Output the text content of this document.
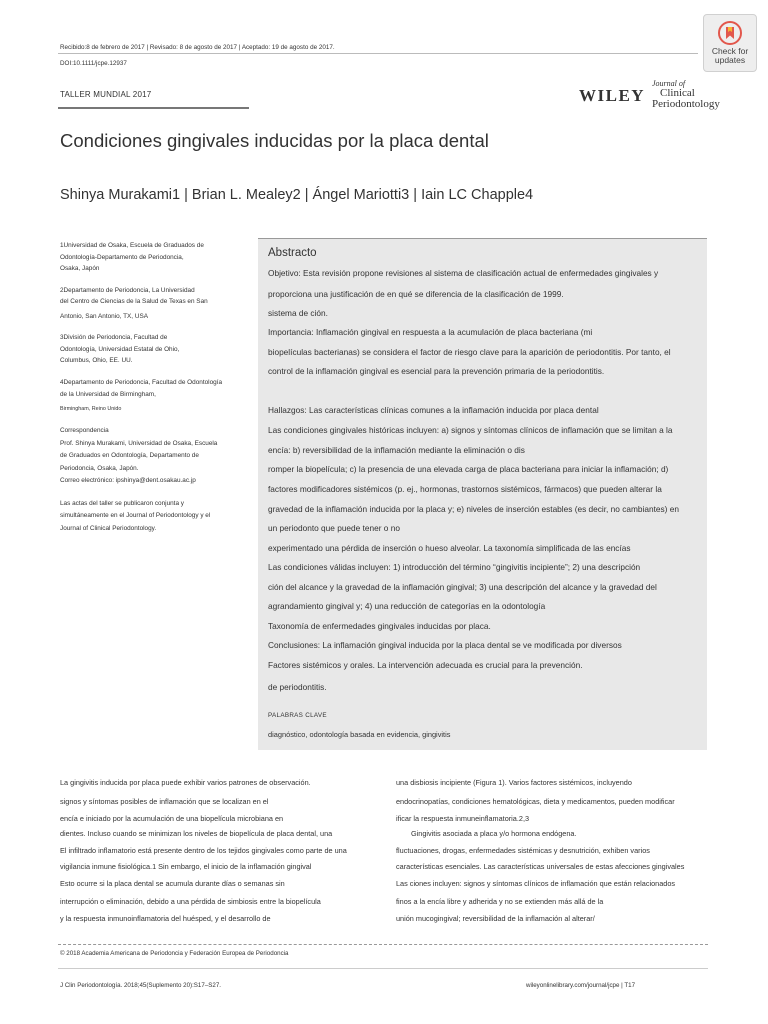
Recibido:8 de febrero de 2017 | Revisado: 8 de agosto de 2017 | Aceptado: 19 de agosto de 2017.
DOI:10.1111/jcpe.12937
TALLER MUNDIAL 2017	WILEY
Journal of
Clinical
Periodontology
Check for
updates
Condiciones gingivales inducidas por la placa dental
Shinya Murakami1 | Brian L. Mealey2 | Ángel Mariotti3 | Iain LC Chapple4
1Universidad de Osaka, Escuela de Graduados de
Odontología-Departamento de Periodoncia,
Osaka, Japón
2Departamento de Periodoncia, La Universidad
del Centro de Ciencias de la Salud de Texas en San
Antonio, San Antonio, TX, USA
3División de Periodoncia, Facultad de
Odontología, Universidad Estatal de Ohio,
Columbus, Ohio, EE. UU.
4Departamento de Periodoncia, Facultad de Odontología
de la Universidad de Birmingham,
Birmingham, Reino Unido
Correspondencia
Prof. Shinya Murakami, Universidad de Osaka, Escuela
de Graduados en Odontología, Departamento de
Periodoncia, Osaka, Japón.
Correo electrónico: ipshinya@dent.osakau.ac.jp
Las actas del taller se publicaron conjunta y
simultáneamente en el Journal of Periodontology y el
Journal of Clinical Periodontology.
Abstracto
Objetivo: Esta revisión propone revisiones al sistema de clasificación actual de enfermedades gingivales y
proporciona una justificación de en qué se diferencia de la clasificación de 1999.
sistema de ción.
Importancia: Inflamación gingival en respuesta a la acumulación de placa bacteriana (mi
biopelículas bacterianas) se considera el factor de riesgo clave para la aparición de periodontitis. Por tanto, el
control de la inflamación gingival es esencial para la prevención primaria de la periodontitis.
Hallazgos: Las características clínicas comunes a la inflamación inducida por placa dental
Las condiciones gingivales históricas incluyen: a) signos y síntomas clínicos de inflamación que se limitan a la
encía: b) reversibilidad de la inflamación mediante la eliminación o dis
romper la biopelícula; c) la presencia de una elevada carga de placa bacteriana para iniciar la inflamación; d)
factores modificadores sistémicos (p. ej., hormonas, trastornos sistémicos, fármacos) que pueden alterar la
gravedad de la inflamación inducida por la placa y; e) niveles de inserción estables (es decir, no cambiantes) en
un periodonto que puede tener o no
experimentado una pérdida de inserción o hueso alveolar. La taxonomía simplificada de las encías
Las condiciones válidas incluyen: 1) introducción del término “gingivitis incipiente”; 2) una descripción
ción del alcance y la gravedad de la inflamación gingival; 3) una descripción del alcance y la gravedad del
agrandamiento gingival y; 4) una reducción de categorías en la odontología
Taxonomía de enfermedades gingivales inducidas por placa.
Conclusiones: La inflamación gingival inducida por la placa dental se ve modificada por diversos
Factores sistémicos y orales. La intervención adecuada es crucial para la prevención.
de periodontitis.
PALABRAS CLAVE
diagnóstico, odontología basada en evidencia, gingivitis
La gingivitis inducida por placa puede exhibir varios patrones de observación.
signos y síntomas posibles de inflamación que se localizan en el
encía e iniciado por la acumulación de una biopelícula microbiana en
dientes. Incluso cuando se minimizan los niveles de biopelícula de placa dental, una
El infiltrado inflamatorio está presente dentro de los tejidos gingivales como parte de una
vigilancia inmune fisiológica.1 Sin embargo, el inicio de la inflamación gingival
Esto ocurre si la placa dental se acumula durante días o semanas sin
interrupción o eliminación, debido a una pérdida de simbiosis entre la biopelícula
y la respuesta inmunoinflamatoria del huésped, y el desarrollo de
una disbiosis incipiente (Figura 1). Varios factores sistémicos, incluyendo
endocrinopatías, condiciones hematológicas, dieta y medicamentos, pueden modificar
ificar la respuesta inmuneinflamatoria.2,3
Gingivitis asociada a placa y/o hormona endógena.
fluctuaciones, drogas, enfermedades sistémicas y desnutrición, exhiben varios
características esenciales. Las características universales de estas afecciones gingivales
Las ciones incluyen: signos y síntomas clínicos de inflamación que están relacionados
finos a la encía libre y adherida y no se extienden más allá de la
unión mucogingival; reversibilidad de la inflamación al alterar/
© 2018 Academia Americana de Periodoncia y Federación Europea de Periodoncia
J Clin Periodontología. 2018;45(Suplemento 20):S17–S27.	wileyonlinelibrary.com/journal/jcpe | T17
